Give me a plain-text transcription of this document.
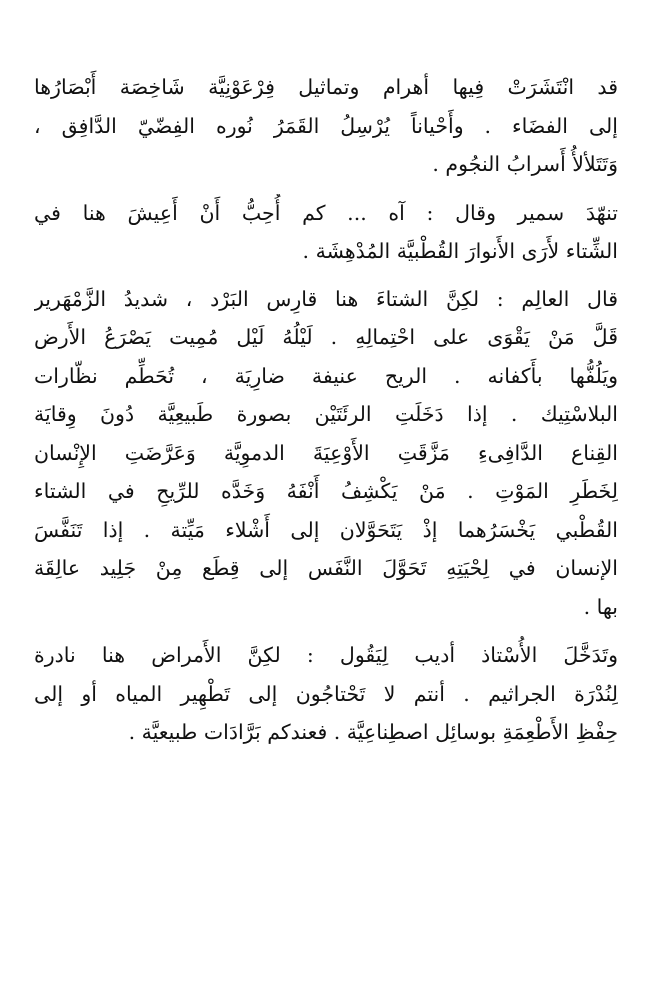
قد انْتَشَرَتْ فِيها أهرام وتماثيل فِرْعَوْنِيَّة شَاخِصَة أَبْصَارُها
إلى الفضَاء . وأَحْياناً يُرْسِلُ القَمَرُ نُوره الفِضّيّ الدَّافِق ،
وَتَتَلألأُ أَسرابُ النجُوم .
تنهّدَ سمير وقال : آه ... كم أُحِبُّ أَنْ أَعِيشَ هنا في
الشِّتاء لأَرَى الأَنوارَ القُطْبيَّة المُدْهِشَة .
قال العالِم : لكِنَّ الشتاءَ هنا قارِس البَرْد ، شديدُ الزَّمْهَرير
قَلَّ مَنْ يَقْوَى على احْتِمالِهِ . لَيْلُهُ لَيْل مُمِيت يَصْرَعُ الأَرض
ويَلُفُّها بأَكفانه . الريح عنيفة ضارِيَة ، تُحَطِّم نظّارات
البلاسْتِيك . إذا دَخَلَتِ الرئَتَيْن بصورة طَبيعِيَّة دُونَ وِقايَة
القِناع الدَّافِىءِ مَزَّقَتِ الأَوْعِيَةَ الدموِيَّة وَعَرَّضَتِ الإِنْسان
لِخَطَرِ المَوْتِ . مَنْ يَكْشِفُ أَنْفَهُ وَخَدَّه للرِّيحِ في الشتاء
القُطْبي يَخْسَرُهما إذْ يَتَحَوَّلان إلى أَشْلاء مَيِّتة . إذا تَنَفَّسَ
الإنسان في لِحْيَتِهِ تَحَوَّلَ النَّفَس إلى قِطَع مِنْ جَلِيد عالِقَة
بها .
وتَدَخَّلَ الأُسْتاذ أديب لِيَقُول : لكِنَّ الأَمراض هنا نادرة
لِنُدْرَة الجراثيم . أنتم لا تَحْتاجُون إلى تَطْهِير المياه أو إلى
حِفْظِ الأَطْعِمَةِ بوسائِل اصطِناعِيَّة . فعندكم بَرَّادَات طبيعيَّة .
